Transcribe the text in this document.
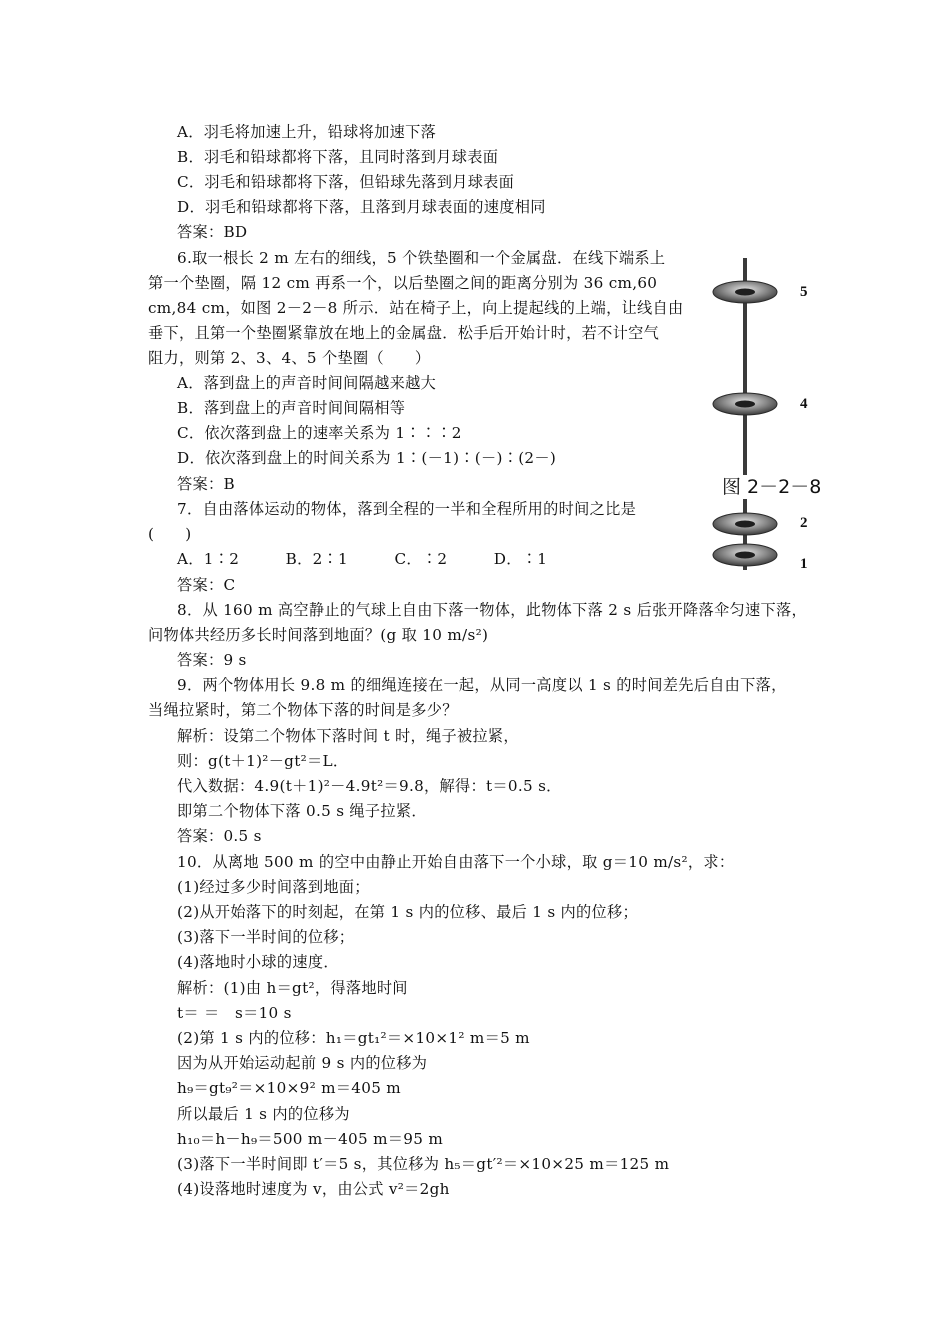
A．羽毛将加速上升，铅球将加速下落
B．羽毛和铅球都将下落，且同时落到月球表面
C．羽毛和铅球都将下落，但铅球先落到月球表面
D．羽毛和铅球都将下落，且落到月球表面的速度相同
答案：BD
6.取一根长 2 m 左右的细线，5 个铁垫圈和一个金属盘．在线下端系上
第一个垫圈，隔 12 cm 再系一个，以后垫圈之间的距离分别为 36 cm,60
cm,84 cm，如图 2－2－8 所示．站在椅子上，向上提起线的上端，让线自由
垂下，且第一个垫圈紧靠放在地上的金属盘．松手后开始计时，若不计空气
阻力，则第 2、3、4、5 个垫圈（　　）
A．落到盘上的声音时间间隔越来越大
B．落到盘上的声音时间间隔相等
C．依次落到盘上的速率关系为 1∶∶∶2
D．依次落到盘上的时间关系为 1∶(－1)∶(－)∶(2－)
答案：B
7．自由落体运动的物体，落到全程的一半和全程所用的时间之比是
(　　)
A．1∶2　　　B．2∶1　　　C．∶2　　　D．∶1
答案：C
8．从 160 m 高空静止的气球上自由下落一物体，此物体下落 2 s 后张开降落伞匀速下落，
问物体共经历多长时间落到地面？(g 取 10 m/s²)
答案：9 s
9．两个物体用长 9.8 m 的细绳连接在一起，从同一高度以 1 s 的时间差先后自由下落，
当绳拉紧时，第二个物体下落的时间是多少？
解析：设第二个物体下落时间 t 时，绳子被拉紧，
则：g(t＋1)²－gt²＝L．
代入数据：4.9(t＋1)²－4.9t²＝9.8，解得：t＝0.5 s．
即第二个物体下落 0.5 s 绳子拉紧．
答案：0.5 s
10．从离地 500 m 的空中由静止开始自由落下一个小球，取 g＝10 m/s²，求：
(1)经过多少时间落到地面；
(2)从开始落下的时刻起，在第 1 s 内的位移、最后 1 s 内的位移；
(3)落下一半时间的位移；
(4)落地时小球的速度．
解析：(1)由 h＝gt²，得落地时间
t＝ ＝　s＝10 s
(2)第 1 s 内的位移：h₁＝gt₁²＝×10×1² m＝5 m
因为从开始运动起前 9 s 内的位移为
h₉＝gt₉²＝×10×9² m＝405 m
所以最后 1 s 内的位移为
h₁₀＝h－h₉＝500 m－405 m＝95 m
(3)落下一半时间即 t′＝5 s，其位移为 h₅＝gt′²＝×10×25 m＝125 m
(4)设落地时速度为 v，由公式 v²＝2gh
5
4
2
1
图 2－2－8
